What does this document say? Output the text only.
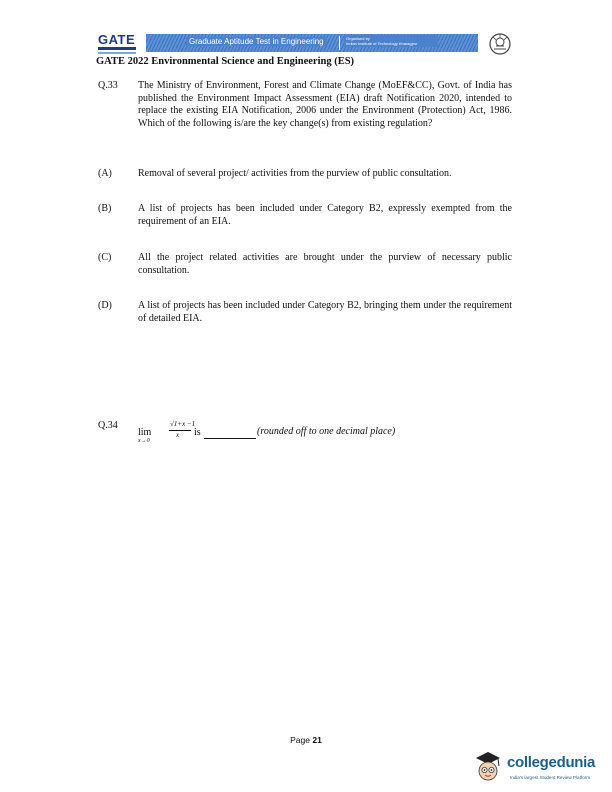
GATE	Graduate Aptitude Test in Engineering	Organised by
Indian Institute of Technology Kharagpur
GATE 2022 Environmental Science and Engineering (ES)
Q.33 The Ministry of Environment, Forest and Climate Change (MoEF&CC), Govt. of India has published the Environment Impact Assessment (EIA) draft Notification 2020, intended to replace the existing EIA Notification, 2006 under the Environment (Protection) Act, 1986. Which of the following is/are the key change(s) from existing regulation?
(A)	Removal of several project/ activities from the purview of public consultation.
(B)	A list of projects has been included under Category B2, expressly exempted from the requirement of an EIA.
(C)	All the project related activities are brought under the purview of necessary public consultation.
(D)	A list of projects has been included under Category B2, bringing them under the requirement of detailed EIA.
Q.34
lim
x→0
√1+x −1
x is	(rounded off to one decimal place)
Page 21
collegedunia
India's largest Student Review Platform
